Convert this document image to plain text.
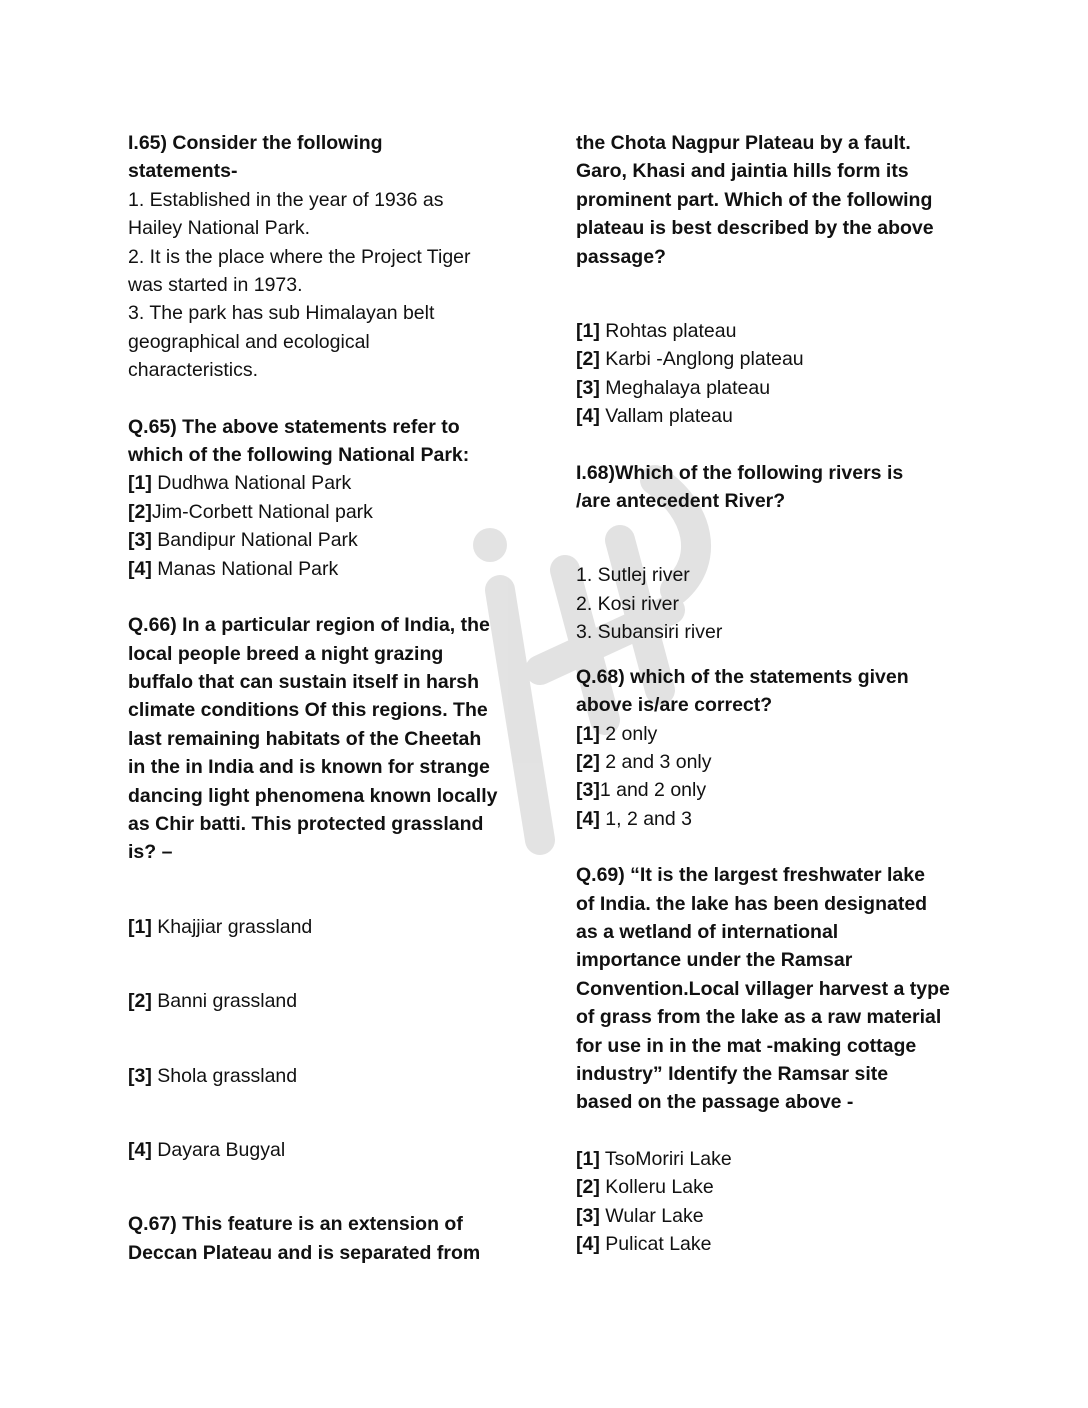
I.65) Consider the following
statements-
1. Established in the year of 1936 as
Hailey National Park.
2. It is the place where the Project Tiger
was started in 1973.
3. The park has sub Himalayan belt
geographical and ecological
characteristics.
Q.65) The above statements refer to
which of the following National Park:
[1] Dudhwa National Park
[2]Jim-Corbett National park
[3] Bandipur National Park
[4] Manas National Park
Q.66) In a particular region of India, the
local people breed a night grazing
buffalo that can sustain itself in harsh
climate conditions Of this regions. The
last remaining habitats of the Cheetah
in the in India and is known for strange
dancing light phenomena known locally
as Chir batti. This protected grassland
is? –
[1] Khajjiar grassland
[2] Banni grassland
[3] Shola grassland
[4] Dayara Bugyal
Q.67) This feature is an extension of
Deccan Plateau and is separated from
the Chota Nagpur Plateau by a fault.
Garo, Khasi and jaintia hills form its
prominent part. Which of the following
plateau is best described by the above
passage?
[1] Rohtas plateau
[2] Karbi -Anglong plateau
[3] Meghalaya plateau
[4] Vallam plateau
I.68)Which of the following rivers is
/are antecedent River?
1. Sutlej river
2. Kosi river
3. Subansiri river
Q.68) which of the statements given
above is/are correct?
[1] 2 only
[2] 2 and 3 only
[3]1 and 2 only
[4] 1, 2 and 3
Q.69) “It is the largest freshwater lake
of India. the lake has been designated
as a wetland of international
importance under the Ramsar
Convention.Local villager harvest a type
of grass from the lake as a raw material
for use in in the mat -making cottage
industry” Identify the Ramsar site
based on the passage above -
[1] TsoMoriri Lake
[2] Kolleru Lake
[3] Wular Lake
[4] Pulicat Lake
